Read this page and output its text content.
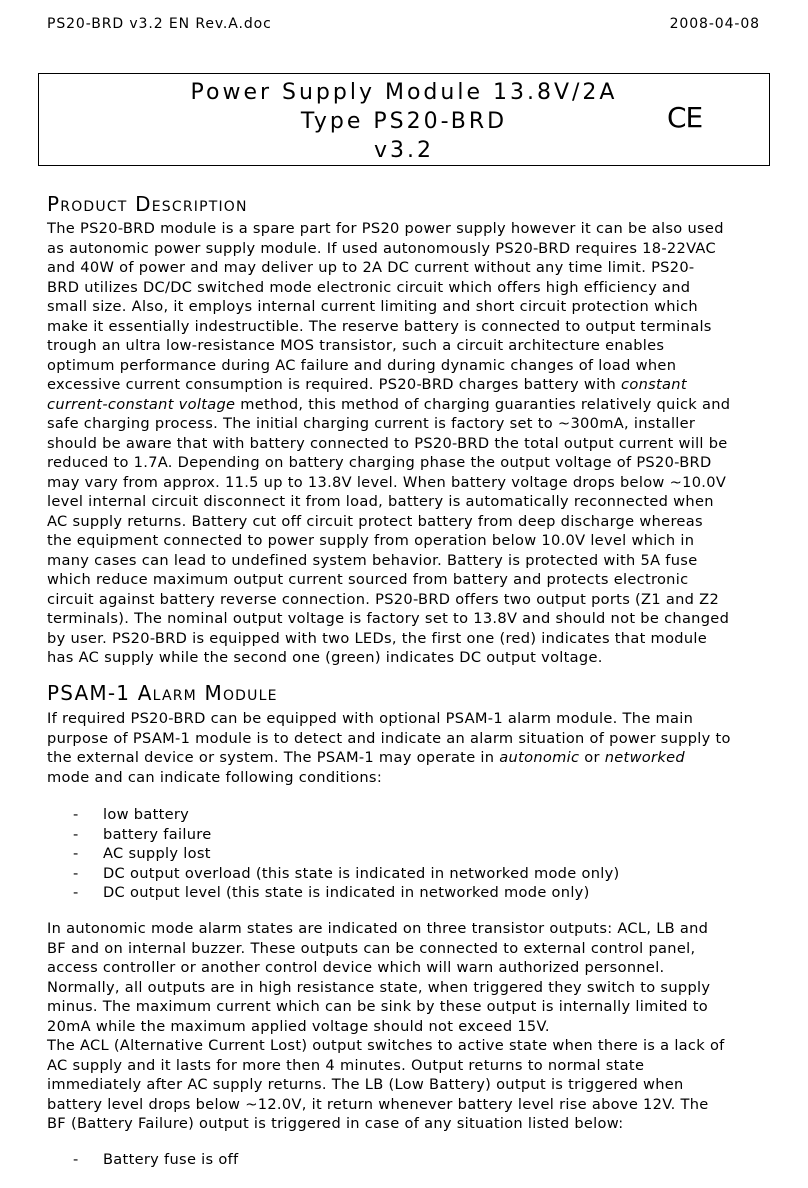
PS20-BRD v3.2 EN Rev.A.doc	2008-04-08
Power Supply Module 13.8V/2A
Type PS20-BRD
v3.2
CE
Product Description
The PS20-BRD module is a spare part for PS20 power supply however it can be also used
as autonomic power supply module. If used autonomously PS20-BRD requires 18-22VAC
and 40W of power and may deliver up to 2A DC current without any time limit. PS20-
BRD utilizes DC/DC switched mode electronic circuit which offers high efficiency and
small size. Also, it employs internal current limiting and short circuit protection which
make it essentially indestructible. The reserve battery is connected to output terminals
trough an ultra low-resistance MOS transistor, such a circuit architecture enables
optimum performance during AC failure and during dynamic changes of load when
excessive current consumption is required. PS20-BRD charges battery with constant
current-constant voltage method, this method of charging guaranties relatively quick and
safe charging process. The initial charging current is factory set to ~300mA, installer
should be aware that with battery connected to PS20-BRD the total output current will be
reduced to 1.7A. Depending on battery charging phase the output voltage of PS20-BRD
may vary from approx. 11.5 up to 13.8V level. When battery voltage drops below ~10.0V
level internal circuit disconnect it from load, battery is automatically reconnected when
AC supply returns. Battery cut off circuit protect battery from deep discharge whereas
the equipment connected to power supply from operation below 10.0V level which in
many cases can lead to undefined system behavior. Battery is protected with 5A fuse
which reduce maximum output current sourced from battery and protects electronic
circuit against battery reverse connection. PS20-BRD offers two output ports (Z1 and Z2
terminals). The nominal output voltage is factory set to 13.8V and should not be changed
by user. PS20-BRD is equipped with two LEDs, the first one (red) indicates that module
has AC supply while the second one (green) indicates DC output voltage.
PSAM-1 Alarm Module
If required PS20-BRD can be equipped with optional PSAM-1 alarm module. The main
purpose of PSAM-1 module is to detect and indicate an alarm situation of power supply to
the external device or system. The PSAM-1 may operate in autonomic or networked
mode and can indicate following conditions:
- low battery
- battery failure
- AC supply lost
- DC output overload (this state is indicated in networked mode only)
- DC output level (this state is indicated in networked mode only)
In autonomic mode alarm states are indicated on three transistor outputs: ACL, LB and
BF and on internal buzzer. These outputs can be connected to external control panel,
access controller or another control device which will warn authorized personnel.
Normally, all outputs are in high resistance state, when triggered they switch to supply
minus. The maximum current which can be sink by these output is internally limited to
20mA while the maximum applied voltage should not exceed 15V.
The ACL (Alternative Current Lost) output switches to active state when there is a lack of
AC supply and it lasts for more then 4 minutes. Output returns to normal state
immediately after AC supply returns. The LB (Low Battery) output is triggered when
battery level drops below ~12.0V, it return whenever battery level rise above 12V. The
BF (Battery Failure) output is triggered in case of any situation listed below:
- Battery fuse is off
